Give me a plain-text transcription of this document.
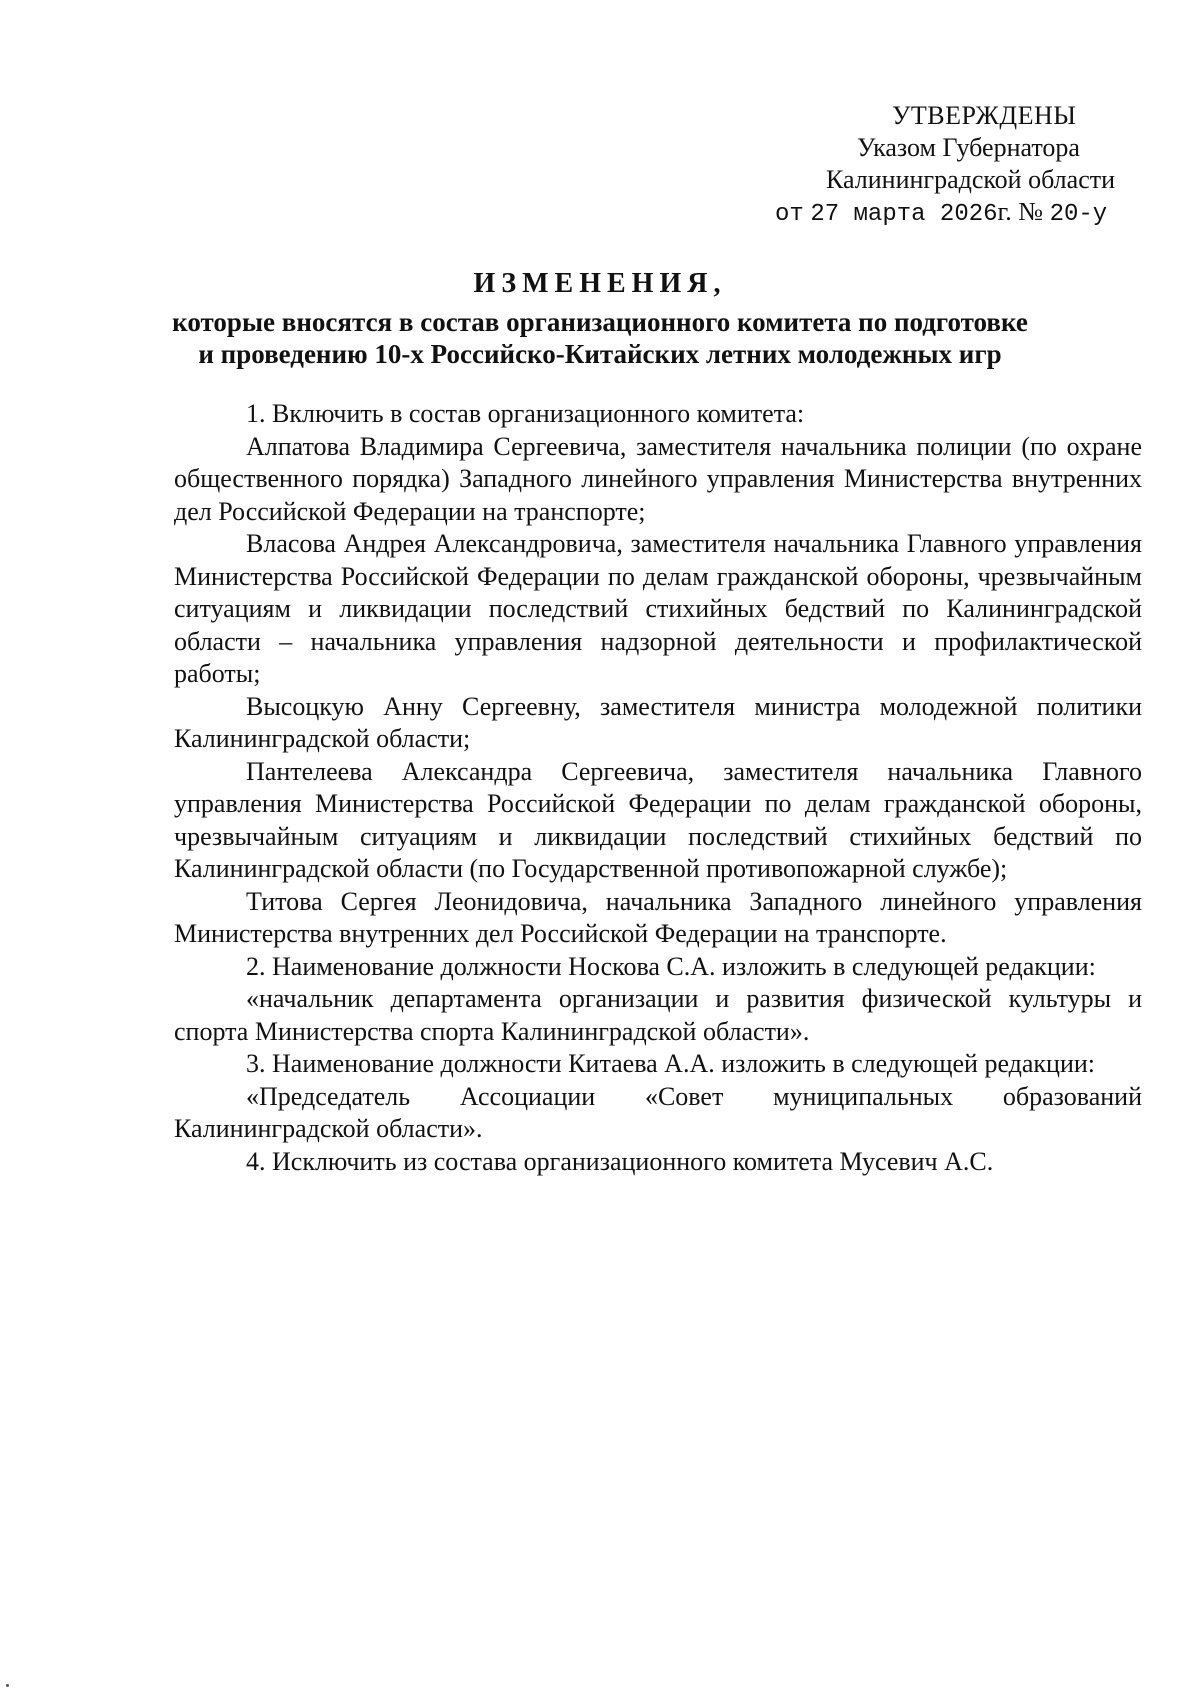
УТВЕРЖДЕНЫ
Указом Губернатора
Калининградской области
от 27 марта 2026г. № 20-у
ИЗМЕНЕНИЯ,
которые вносятся в состав организационного комитета по подготовке
и проведению 10-х Российско-Китайских летних молодежных игр

1. Включить в состав организационного комитета:

Алпатова Владимира Сергеевича, заместителя начальника полиции (по охране общественного порядка) Западного линейного управления Министерства внутренних дел Российской Федерации на транспорте;

Власова Андрея Александровича, заместителя начальника Главного управления Министерства Российской Федерации по делам гражданской обороны, чрезвычайным ситуациям и ликвидации последствий стихийных бедствий по Калининградской области – начальника управления надзорной деятельности и профилактической работы;

Высоцкую Анну Сергеевну, заместителя министра молодежной политики Калининградской области;

Пантелеева Александра Сергеевича, заместителя начальника Главного управления Министерства Российской Федерации по делам гражданской обороны, чрезвычайным ситуациям и ликвидации последствий стихийных бедствий по Калининградской области (по Государственной противопожарной службе);

Титова Сергея Леонидовича, начальника Западного линейного управления Министерства внутренних дел Российской Федерации на транспорте.

2. Наименование должности Носкова С.А. изложить в следующей редакции:

«начальник департамента организации и развития физической культуры и спорта Министерства спорта Калининградской области».

3. Наименование должности Китаева А.А. изложить в следующей редакции:

«Председатель Ассоциации «Совет муниципальных образований Калининградской области».

4. Исключить из состава организационного комитета Мусевич А.С.
